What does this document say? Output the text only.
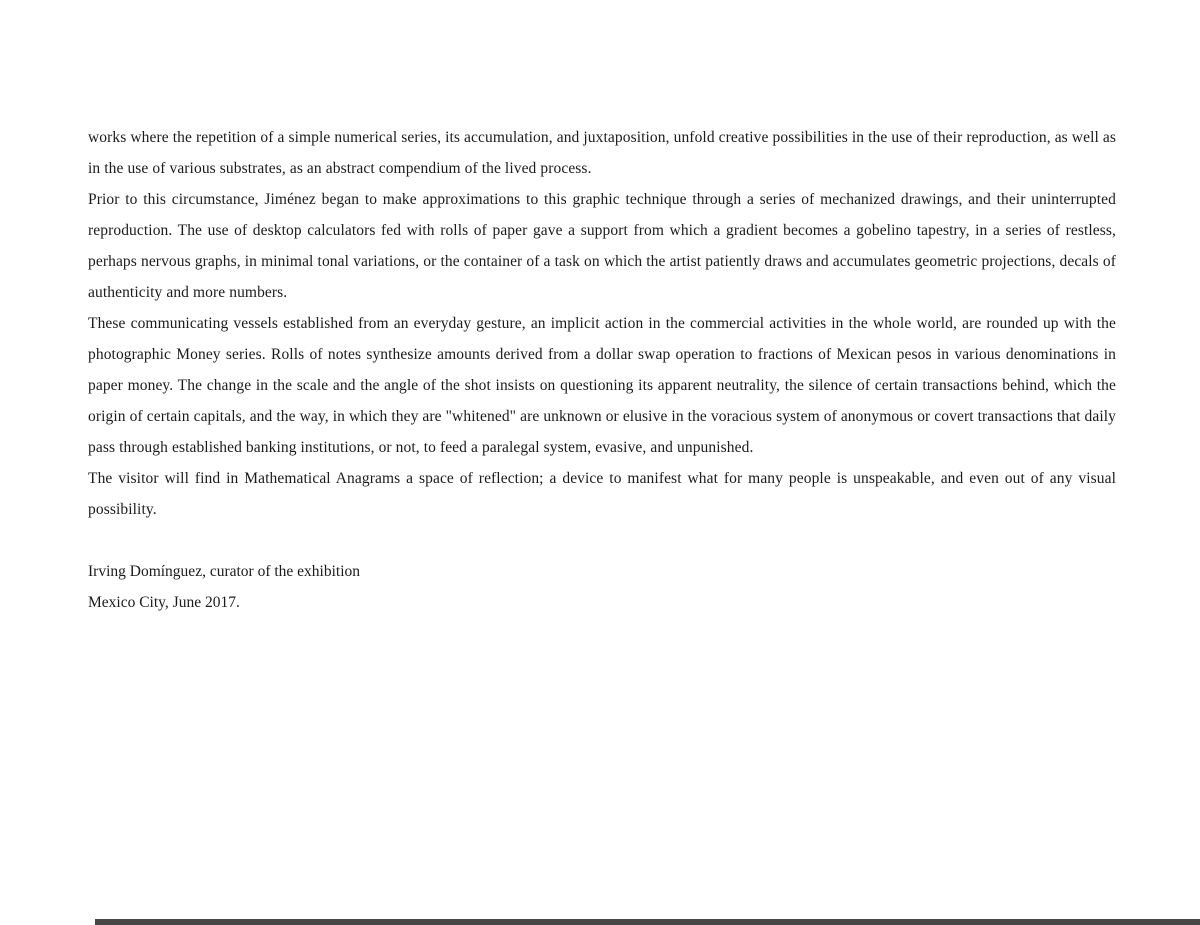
works where the repetition of a simple numerical series, its accumulation, and juxtaposition, unfold creative possibilities in the use of their reproduction, as well as in the use of various substrates, as an abstract compendium of the lived process.

Prior to this circumstance, Jiménez began to make approximations to this graphic technique through a series of mechanized drawings, and their uninterrupted reproduction. The use of desktop calculators fed with rolls of paper gave a support from which a gradient becomes a gobelino tapestry, in a series of restless, perhaps nervous graphs, in minimal tonal variations, or the container of a task on which the artist patiently draws and accumulates geometric projections, decals of authenticity and more numbers.

These communicating vessels established from an everyday gesture, an implicit action in the commercial activities in the whole world, are rounded up with the photographic Money series. Rolls of notes synthesize amounts derived from a dollar swap operation to fractions of Mexican pesos in various denominations in paper money. The change in the scale and the angle of the shot insists on questioning its apparent neutrality, the silence of certain transactions behind, which the origin of certain capitals, and the way, in which they are "whitened" are unknown or elusive in the voracious system of anonymous or covert transactions that daily pass through established banking institutions, or not, to feed a paralegal system, evasive, and unpunished.

The visitor will find in Mathematical Anagrams a space of reflection; a device to manifest what for many people is unspeakable, and even out of any visual possibility.

Irving Domínguez, curator of the exhibition

Mexico City, June 2017.
